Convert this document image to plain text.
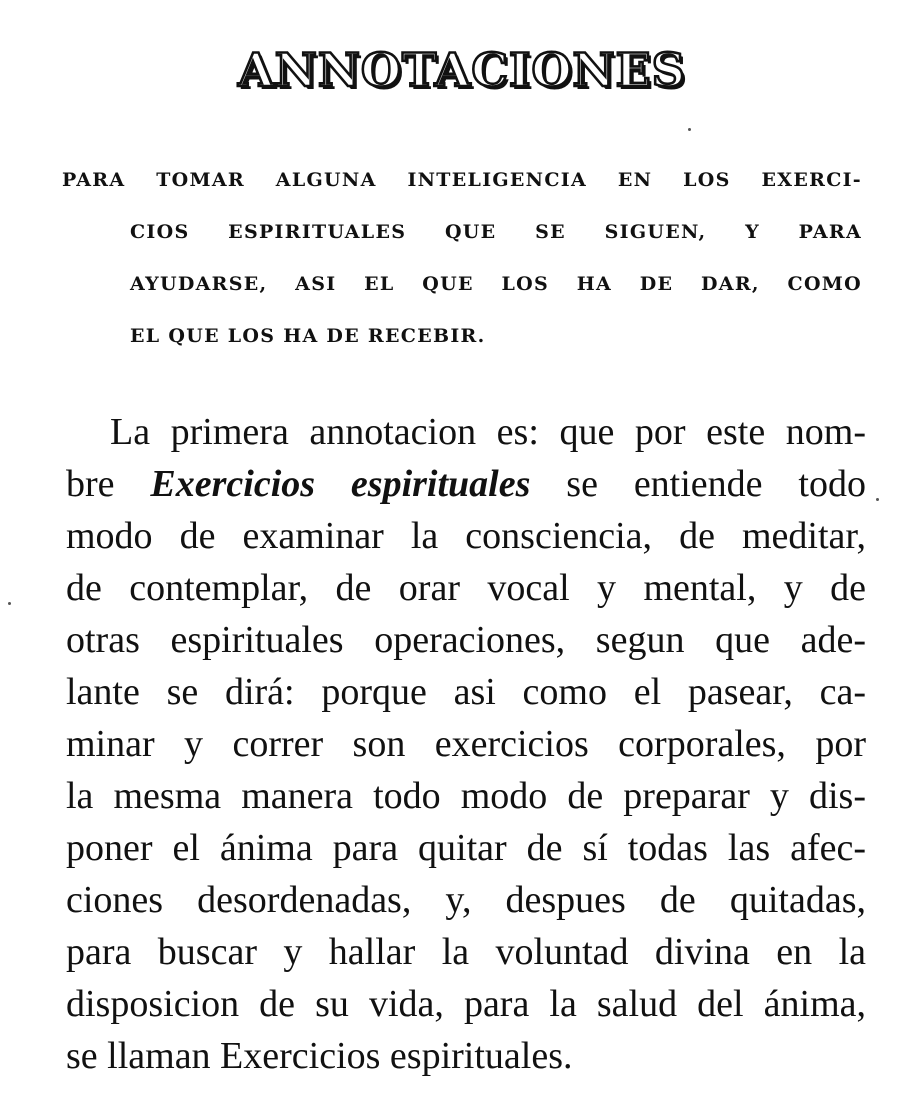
ANNOTACIONES
PARA TOMAR ALGUNA INTELIGENCIA EN LOS EXERCI-
CIOS ESPIRITUALES QUE SE SIGUEN, Y PARA
AYUDARSE, ASI EL QUE LOS HA DE DAR, COMO
EL QUE LOS HA DE RECEBIR.
La primera annotacion es: que por este nom-
bre Exercicios espirituales se entiende todo
modo de examinar la consciencia, de meditar,
de contemplar, de orar vocal y mental, y de
otras espirituales operaciones, segun que ade-
lante se dirá: porque asi como el pasear, ca-
minar y correr son exercicios corporales, por
la mesma manera todo modo de preparar y dis-
poner el ánima para quitar de sí todas las afec-
ciones desordenadas, y, despues de quitadas,
para buscar y hallar la voluntad divina en la
disposicion de su vida, para la salud del ánima,
se llaman Exercicios espirituales.
